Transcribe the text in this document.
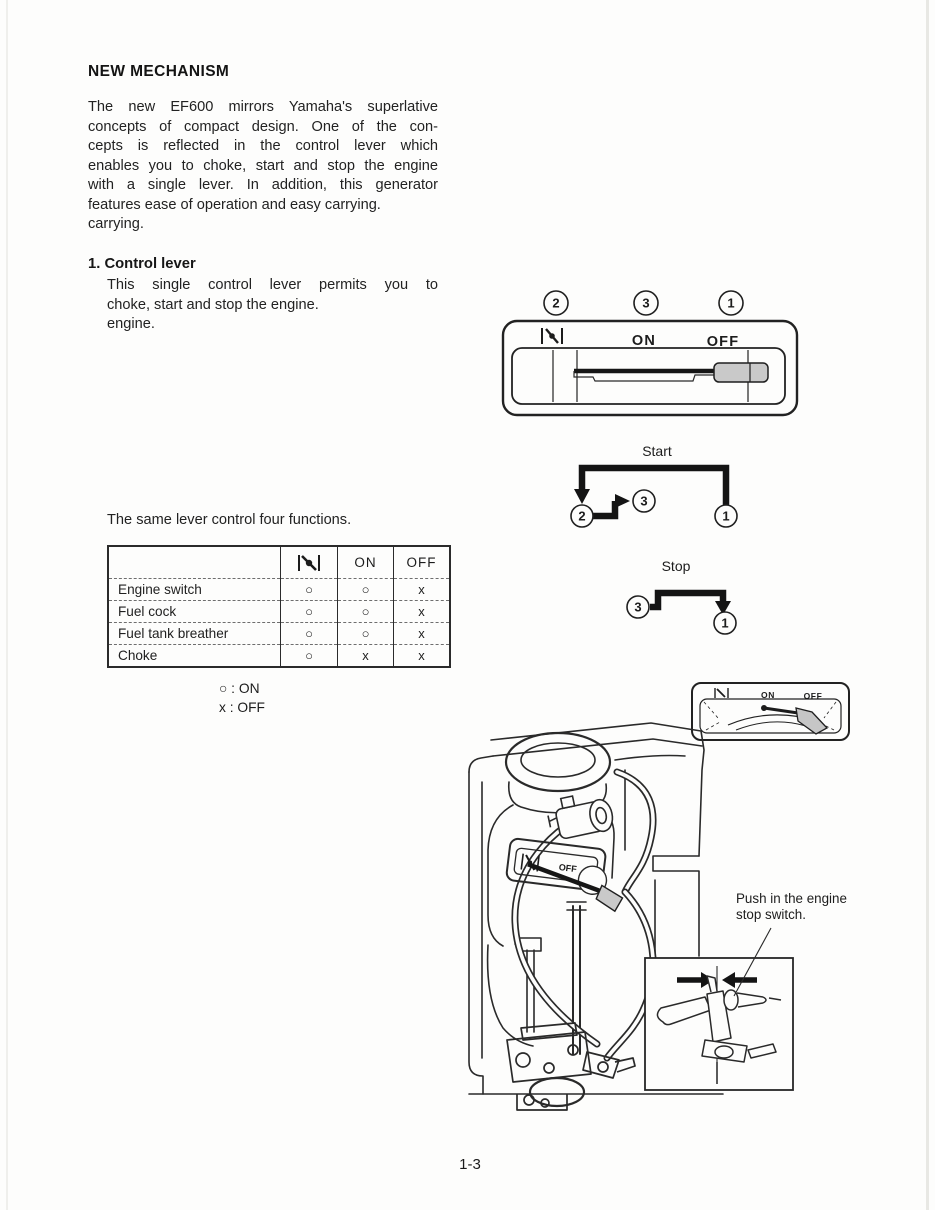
NEW MECHANISM
The new EF600 mirrors Yamaha's superlative
concepts of compact design. One of the con-
cepts is reflected in the control lever which
enables you to choke, start and stop the engine
with a single lever. In addition, this generator
features ease of operation and easy carrying.
carrying.
1. Control lever
This single control lever permits you to
choke, start and stop the engine.
engine.
The same lever control four functions.
		ON	OFF
Engine switch	○	○	x
Fuel cock	○	○	x
Fuel tank breather	○	○	x
Choke	○	x	x
○ : ON
x : OFF
2	3	1
ON	OFF
Start
2
3
1
Stop
3
1
ON	OFF
OFF
Push in the engine
stop switch.
1-3
